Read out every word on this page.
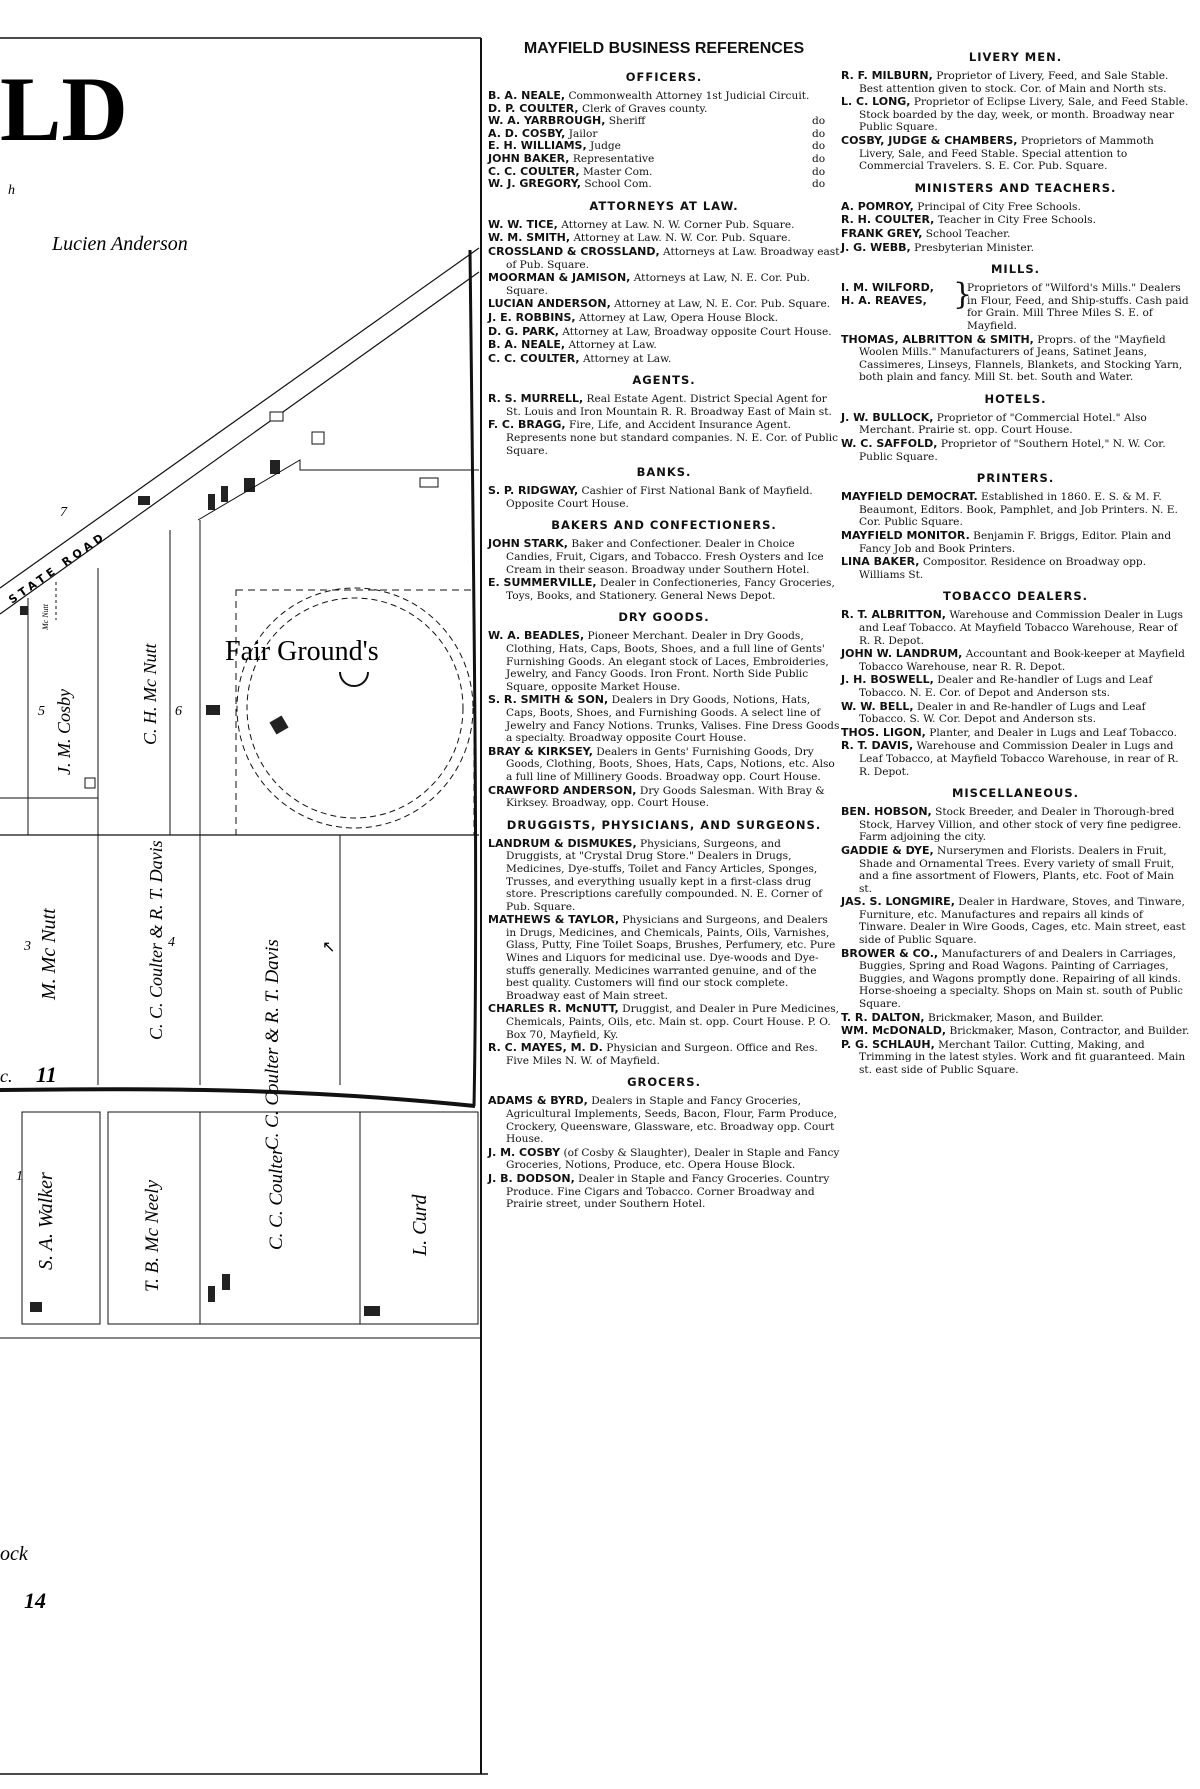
LD
h
Lucien Anderson
STATE ROAD
Fair Ground's
J. M. Cosby	C. H. Mc Nutt
7
5	6
Mc Nutt
M. Mc Nutt	C. C. Coulter & R. T. Davis	C. C. Coulter & R. T. Davis
3	4
11
c.
↖
1 S. A. Walker	T. B. Mc Neely	C. C. Coulter	L. Curd
ock
14
MAYFIELD BUSINESS REFERENCES
OFFICERS.
B. A. NEALE, Commonwealth Attorney 1st Judicial Circuit.
D. P. COULTER, Clerk of Graves county.
W. A. YARBROUGH, Sheriff	do
A. D. COSBY, Jailor	do
E. H. WILLIAMS, Judge	do
JOHN BAKER, Representative	do
C. C. COULTER, Master Com.	do
W. J. GREGORY, School Com.	do
ATTORNEYS AT LAW.
W. W. TICE, Attorney at Law. N. W. Corner Pub. Square.
W. M. SMITH, Attorney at Law. N. W. Cor. Pub. Square.
CROSSLAND & CROSSLAND, Attorneys at Law. Broadway east of Pub. Square.
MOORMAN & JAMISON, Attorneys at Law, N. E. Cor. Pub. Square.
LUCIAN ANDERSON, Attorney at Law, N. E. Cor. Pub. Square.
J. E. ROBBINS, Attorney at Law, Opera House Block.
D. G. PARK, Attorney at Law, Broadway opposite Court House.
B. A. NEALE, Attorney at Law.
C. C. COULTER, Attorney at Law.
AGENTS.
R. S. MURRELL, Real Estate Agent. District Special Agent for St. Louis and Iron Mountain R. R. Broadway East of Main st.
F. C. BRAGG, Fire, Life, and Accident Insurance Agent. Represents none but standard companies. N. E. Cor. of Public Square.
BANKS.
S. P. RIDGWAY, Cashier of First National Bank of Mayfield. Opposite Court House.
BAKERS AND CONFECTIONERS.
JOHN STARK, Baker and Confectioner. Dealer in Choice Candies, Fruit, Cigars, and Tobacco. Fresh Oysters and Ice Cream in their season. Broadway under Southern Hotel.
E. SUMMERVILLE, Dealer in Confectioneries, Fancy Groceries, Toys, Books, and Stationery. General News Depot.
DRY GOODS.
W. A. BEADLES, Pioneer Merchant. Dealer in Dry Goods, Clothing, Hats, Caps, Boots, Shoes, and a full line of Gents' Furnishing Goods. An elegant stock of Laces, Embroideries, Jewelry, and Fancy Goods. Iron Front. North Side Public Square, opposite Market House.
S. R. SMITH & SON, Dealers in Dry Goods, Notions, Hats, Caps, Boots, Shoes, and Furnishing Goods. A select line of Jewelry and Fancy Notions. Trunks, Valises. Fine Dress Goods a specialty. Broadway opposite Court House.
BRAY & KIRKSEY, Dealers in Gents' Furnishing Goods, Dry Goods, Clothing, Boots, Shoes, Hats, Caps, Notions, etc. Also a full line of Millinery Goods. Broadway opp. Court House.
CRAWFORD ANDERSON, Dry Goods Salesman. With Bray & Kirksey. Broadway, opp. Court House.
DRUGGISTS, PHYSICIANS, AND SURGEONS.
LANDRUM & DISMUKES, Physicians, Surgeons, and Druggists, at "Crystal Drug Store." Dealers in Drugs, Medicines, Dye-stuffs, Toilet and Fancy Articles, Sponges, Trusses, and everything usually kept in a first-class drug store. Prescriptions carefully compounded. N. E. Corner of Pub. Square.
MATHEWS & TAYLOR, Physicians and Surgeons, and Dealers in Drugs, Medicines, and Chemicals, Paints, Oils, Varnishes, Glass, Putty, Fine Toilet Soaps, Brushes, Perfumery, etc. Pure Wines and Liquors for medicinal use. Dye-woods and Dye-stuffs generally. Medicines warranted genuine, and of the best quality. Customers will find our stock complete. Broadway east of Main street.
CHARLES R. McNUTT, Druggist, and Dealer in Pure Medicines, Chemicals, Paints, Oils, etc. Main st. opp. Court House. P. O. Box 70, Mayfield, Ky.
R. C. MAYES, M. D. Physician and Surgeon. Office and Res. Five Miles N. W. of Mayfield.
GROCERS.
ADAMS & BYRD, Dealers in Staple and Fancy Groceries, Agricultural Implements, Seeds, Bacon, Flour, Farm Produce, Crockery, Queensware, Glassware, etc. Broadway opp. Court House.
J. M. COSBY (of Cosby & Slaughter), Dealer in Staple and Fancy Groceries, Notions, Produce, etc. Opera House Block.
J. B. DODSON, Dealer in Staple and Fancy Groceries. Country Produce. Fine Cigars and Tobacco. Corner Broadway and Prairie street, under Southern Hotel.
LIVERY MEN.
R. F. MILBURN, Proprietor of Livery, Feed, and Sale Stable. Best attention given to stock. Cor. of Main and North sts.
L. C. LONG, Proprietor of Eclipse Livery, Sale, and Feed Stable. Stock boarded by the day, week, or month. Broadway near Public Square.
COSBY, JUDGE & CHAMBERS, Proprietors of Mammoth Livery, Sale, and Feed Stable. Special attention to Commercial Travelers. S. E. Cor. Pub. Square.
MINISTERS AND TEACHERS.
A. POMROY, Principal of City Free Schools.
R. H. COULTER, Teacher in City Free Schools.
FRANK GREY, School Teacher.
J. G. WEBB, Presbyterian Minister.
MILLS.
I. M. WILFORD,
H. A. REAVES, }
Proprietors of "Wilford's Mills." Dealers in Flour, Feed, and Ship-stuffs. Cash paid for Grain. Mill Three Miles S. E. of Mayfield.
THOMAS, ALBRITTON & SMITH, Proprs. of the "Mayfield Woolen Mills." Manufacturers of Jeans, Satinet Jeans, Cassimeres, Linseys, Flannels, Blankets, and Stocking Yarn, both plain and fancy. Mill St. bet. South and Water.
HOTELS.
J. W. BULLOCK, Proprietor of "Commercial Hotel." Also Merchant. Prairie st. opp. Court House.
W. C. SAFFOLD, Proprietor of "Southern Hotel," N. W. Cor. Public Square.
PRINTERS.
MAYFIELD DEMOCRAT. Established in 1860. E. S. & M. F. Beaumont, Editors. Book, Pamphlet, and Job Printers. N. E. Cor. Public Square.
MAYFIELD MONITOR. Benjamin F. Briggs, Editor. Plain and Fancy Job and Book Printers.
LINA BAKER, Compositor. Residence on Broadway opp. Williams St.
TOBACCO DEALERS.
R. T. ALBRITTON, Warehouse and Commission Dealer in Lugs and Leaf Tobacco. At Mayfield Tobacco Warehouse, Rear of R. R. Depot.
JOHN W. LANDRUM, Accountant and Book-keeper at Mayfield Tobacco Warehouse, near R. R. Depot.
J. H. BOSWELL, Dealer and Re-handler of Lugs and Leaf Tobacco. N. E. Cor. of Depot and Anderson sts.
W. W. BELL, Dealer in and Re-handler of Lugs and Leaf Tobacco. S. W. Cor. Depot and Anderson sts.
THOS. LIGON, Planter, and Dealer in Lugs and Leaf Tobacco.
R. T. DAVIS, Warehouse and Commission Dealer in Lugs and Leaf Tobacco, at Mayfield Tobacco Warehouse, in rear of R. R. Depot.
MISCELLANEOUS.
BEN. HOBSON, Stock Breeder, and Dealer in Thorough-bred Stock, Harvey Villion, and other stock of very fine pedigree. Farm adjoining the city.
GADDIE & DYE, Nurserymen and Florists. Dealers in Fruit, Shade and Ornamental Trees. Every variety of small Fruit, and a fine assortment of Flowers, Plants, etc. Foot of Main st.
JAS. S. LONGMIRE, Dealer in Hardware, Stoves, and Tinware, Furniture, etc. Manufactures and repairs all kinds of Tinware. Dealer in Wire Goods, Cages, etc. Main street, east side of Public Square.
BROWER & CO., Manufacturers of and Dealers in Carriages, Buggies, Spring and Road Wagons. Painting of Carriages, Buggies, and Wagons promptly done. Repairing of all kinds. Horse-shoeing a specialty. Shops on Main st. south of Public Square.
T. R. DALTON, Brickmaker, Mason, and Builder.
WM. McDONALD, Brickmaker, Mason, Contractor, and Builder.
P. G. SCHLAUH, Merchant Tailor. Cutting, Making, and Trimming in the latest styles. Work and fit guaranteed. Main st. east side of Public Square.
